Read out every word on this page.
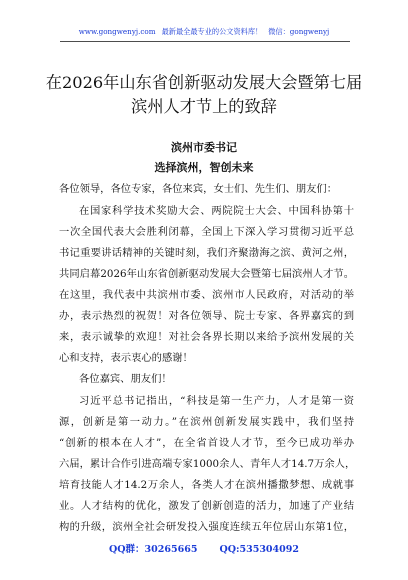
www.gongwenyj.com 最新最全最专业的公文资料库！ 微信：gongwenyj
在2026年山东省创新驱动发展大会暨第七届
滨州人才节上的致辞
滨州市委书记
选择滨州，智创未来
各位领导，各位专家，各位来宾，女士们、先生们、朋友们：
在国家科学技术奖励大会、两院院士大会、中国科协第十
一次全国代表大会胜利闭幕，全国上下深入学习贯彻习近平总
书记重要讲话精神的关键时刻，我们齐聚渤海之滨、黄河之州，
共同启幕2026年山东省创新驱动发展大会暨第七届滨州人才节。
在这里，我代表中共滨州市委、滨州市人民政府，对活动的举
办，表示热烈的祝贺！对各位领导、院士专家、各界嘉宾的到
来，表示诚挚的欢迎！对社会各界长期以来给予滨州发展的关
心和支持，表示衷心的感谢！
各位嘉宾、朋友们！
习近平总书记指出，“科技是第一生产力，人才是第一资
源，创新是第一动力。”在滨州创新发展实践中，我们坚持
“创新的根本在人才”，在全省首设人才节，至今已成功举办
六届，累计合作引进高端专家1000余人、青年人才14.7万余人，
培育技能人才14.2万余人，各类人才在滨州播撒梦想、成就事
业。人才结构的优化，激发了创新创造的活力，加速了产业结
构的升级，滨州全社会研发投入强度连续五年位居山东第1位，
QQ群：30265665 QQ:535304092
